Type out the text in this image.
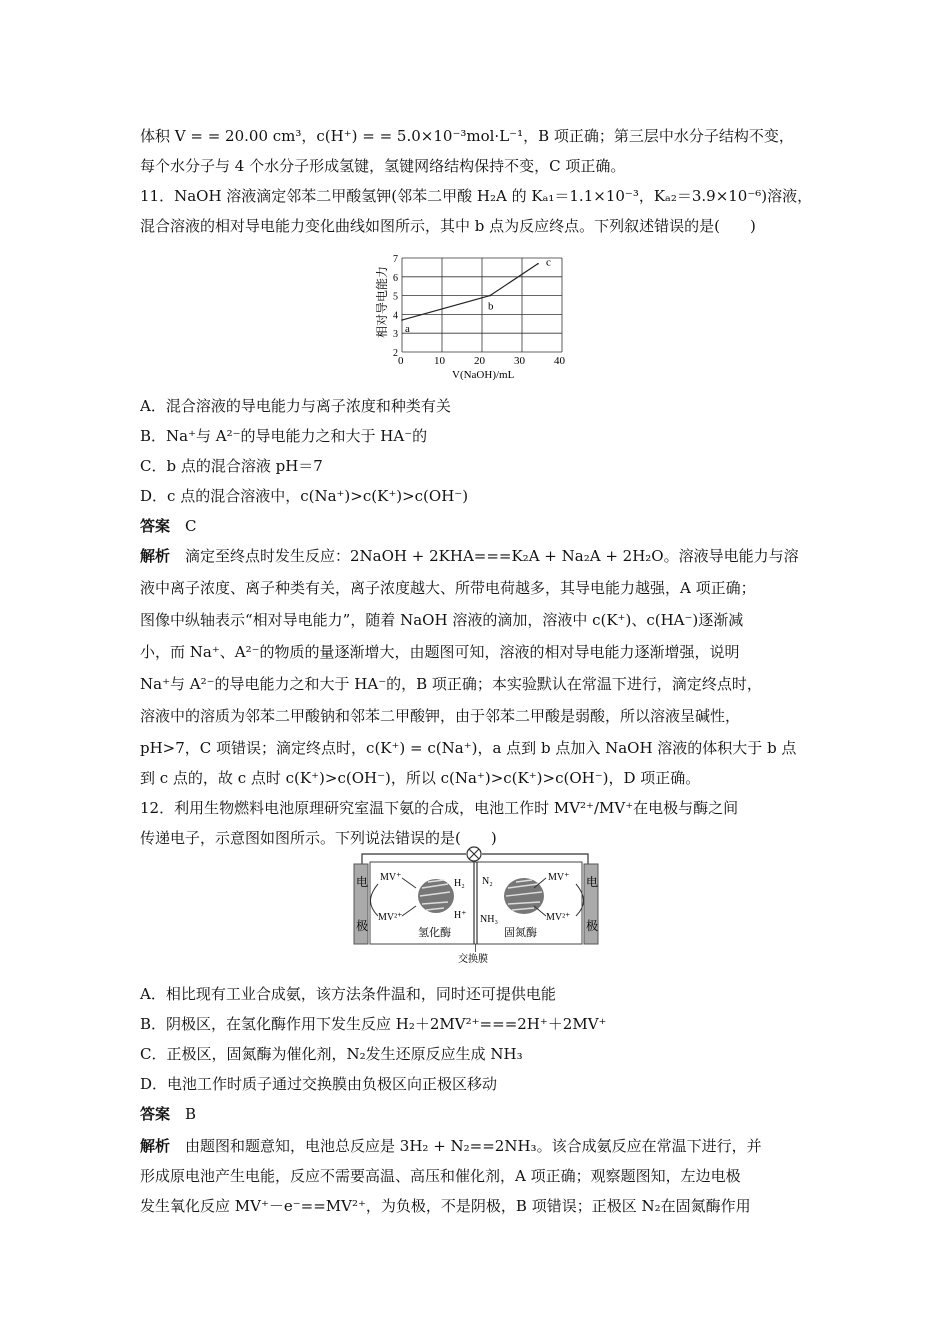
体积 V = = 20.00 cm³，c(H⁺) = = 5.0×10⁻³mol·L⁻¹，B 项正确；第三层中水分子结构不变，
每个水分子与 4 个水分子形成氢键，氢键网络结构保持不变，C 项正确。
11．NaOH 溶液滴定邻苯二甲酸氢钾(邻苯二甲酸 H₂A 的 Kₐ₁＝1.1×10⁻³，Kₐ₂＝3.9×10⁻⁶)溶液，
混合溶液的相对导电能力变化曲线如图所示，其中 b 点为反应终点。下列叙述错误的是(　　)
A．混合溶液的导电能力与离子浓度和种类有关
B．Na⁺与 A²⁻的导电能力之和大于 HA⁻的
C．b 点的混合溶液 pH＝7
D．c 点的混合溶液中，c(Na⁺)>c(K⁺)>c(OH⁻)
答案　C
解析　滴定至终点时发生反应：2NaOH + 2KHA===K₂A + Na₂A + 2H₂O。溶液导电能力与溶
液中离子浓度、离子种类有关，离子浓度越大、所带电荷越多，其导电能力越强，A 项正确；
图像中纵轴表示“相对导电能力”，随着 NaOH 溶液的滴加，溶液中 c(K⁺)、c(HA⁻)逐渐减
小，而 Na⁺、A²⁻的物质的量逐渐增大，由题图可知，溶液的相对导电能力逐渐增强，说明
Na⁺与 A²⁻的导电能力之和大于 HA⁻的，B 项正确；本实验默认在常温下进行，滴定终点时，
溶液中的溶质为邻苯二甲酸钠和邻苯二甲酸钾，由于邻苯二甲酸是弱酸，所以溶液呈碱性，
pH>7，C 项错误；滴定终点时，c(K⁺) = c(Na⁺)，a 点到 b 点加入 NaOH 溶液的体积大于 b 点
到 c 点的，故 c 点时 c(K⁺)>c(OH⁻)，所以 c(Na⁺)>c(K⁺)>c(OH⁻)，D 项正确。
12．利用生物燃料电池原理研究室温下氨的合成，电池工作时 MV²⁺/MV⁺在电极与酶之间
传递电子，示意图如图所示。下列说法错误的是(　　)
A．相比现有工业合成氨，该方法条件温和，同时还可提供电能
B．阴极区，在氢化酶作用下发生反应 H₂＋2MV²⁺===2H⁺＋2MV⁺
C．正极区，固氮酶为催化剂，N₂发生还原反应生成 NH₃
D．电池工作时质子通过交换膜由负极区向正极区移动
答案　B
解析　由题图和题意知，电池总反应是 3H₂ + N₂==2NH₃。该合成氨反应在常温下进行，并
形成原电池产生电能，反应不需要高温、高压和催化剂，A 项正确；观察题图知，左边电极
发生氧化反应 MV⁺－e⁻==MV²⁺，为负极，不是阴极，B 项错误；正极区 N₂在固氮酶作用
0	10	20	30	40
2
3
4
5
6
7
a
b
c
相对导电能力
V(NaOH)/mL
电
极
电
极
交换膜
氢化酶	固氮酶
MV⁺
MV²⁺
H₂
H⁺
N₂
NH₃
MV⁺
MV²⁺
